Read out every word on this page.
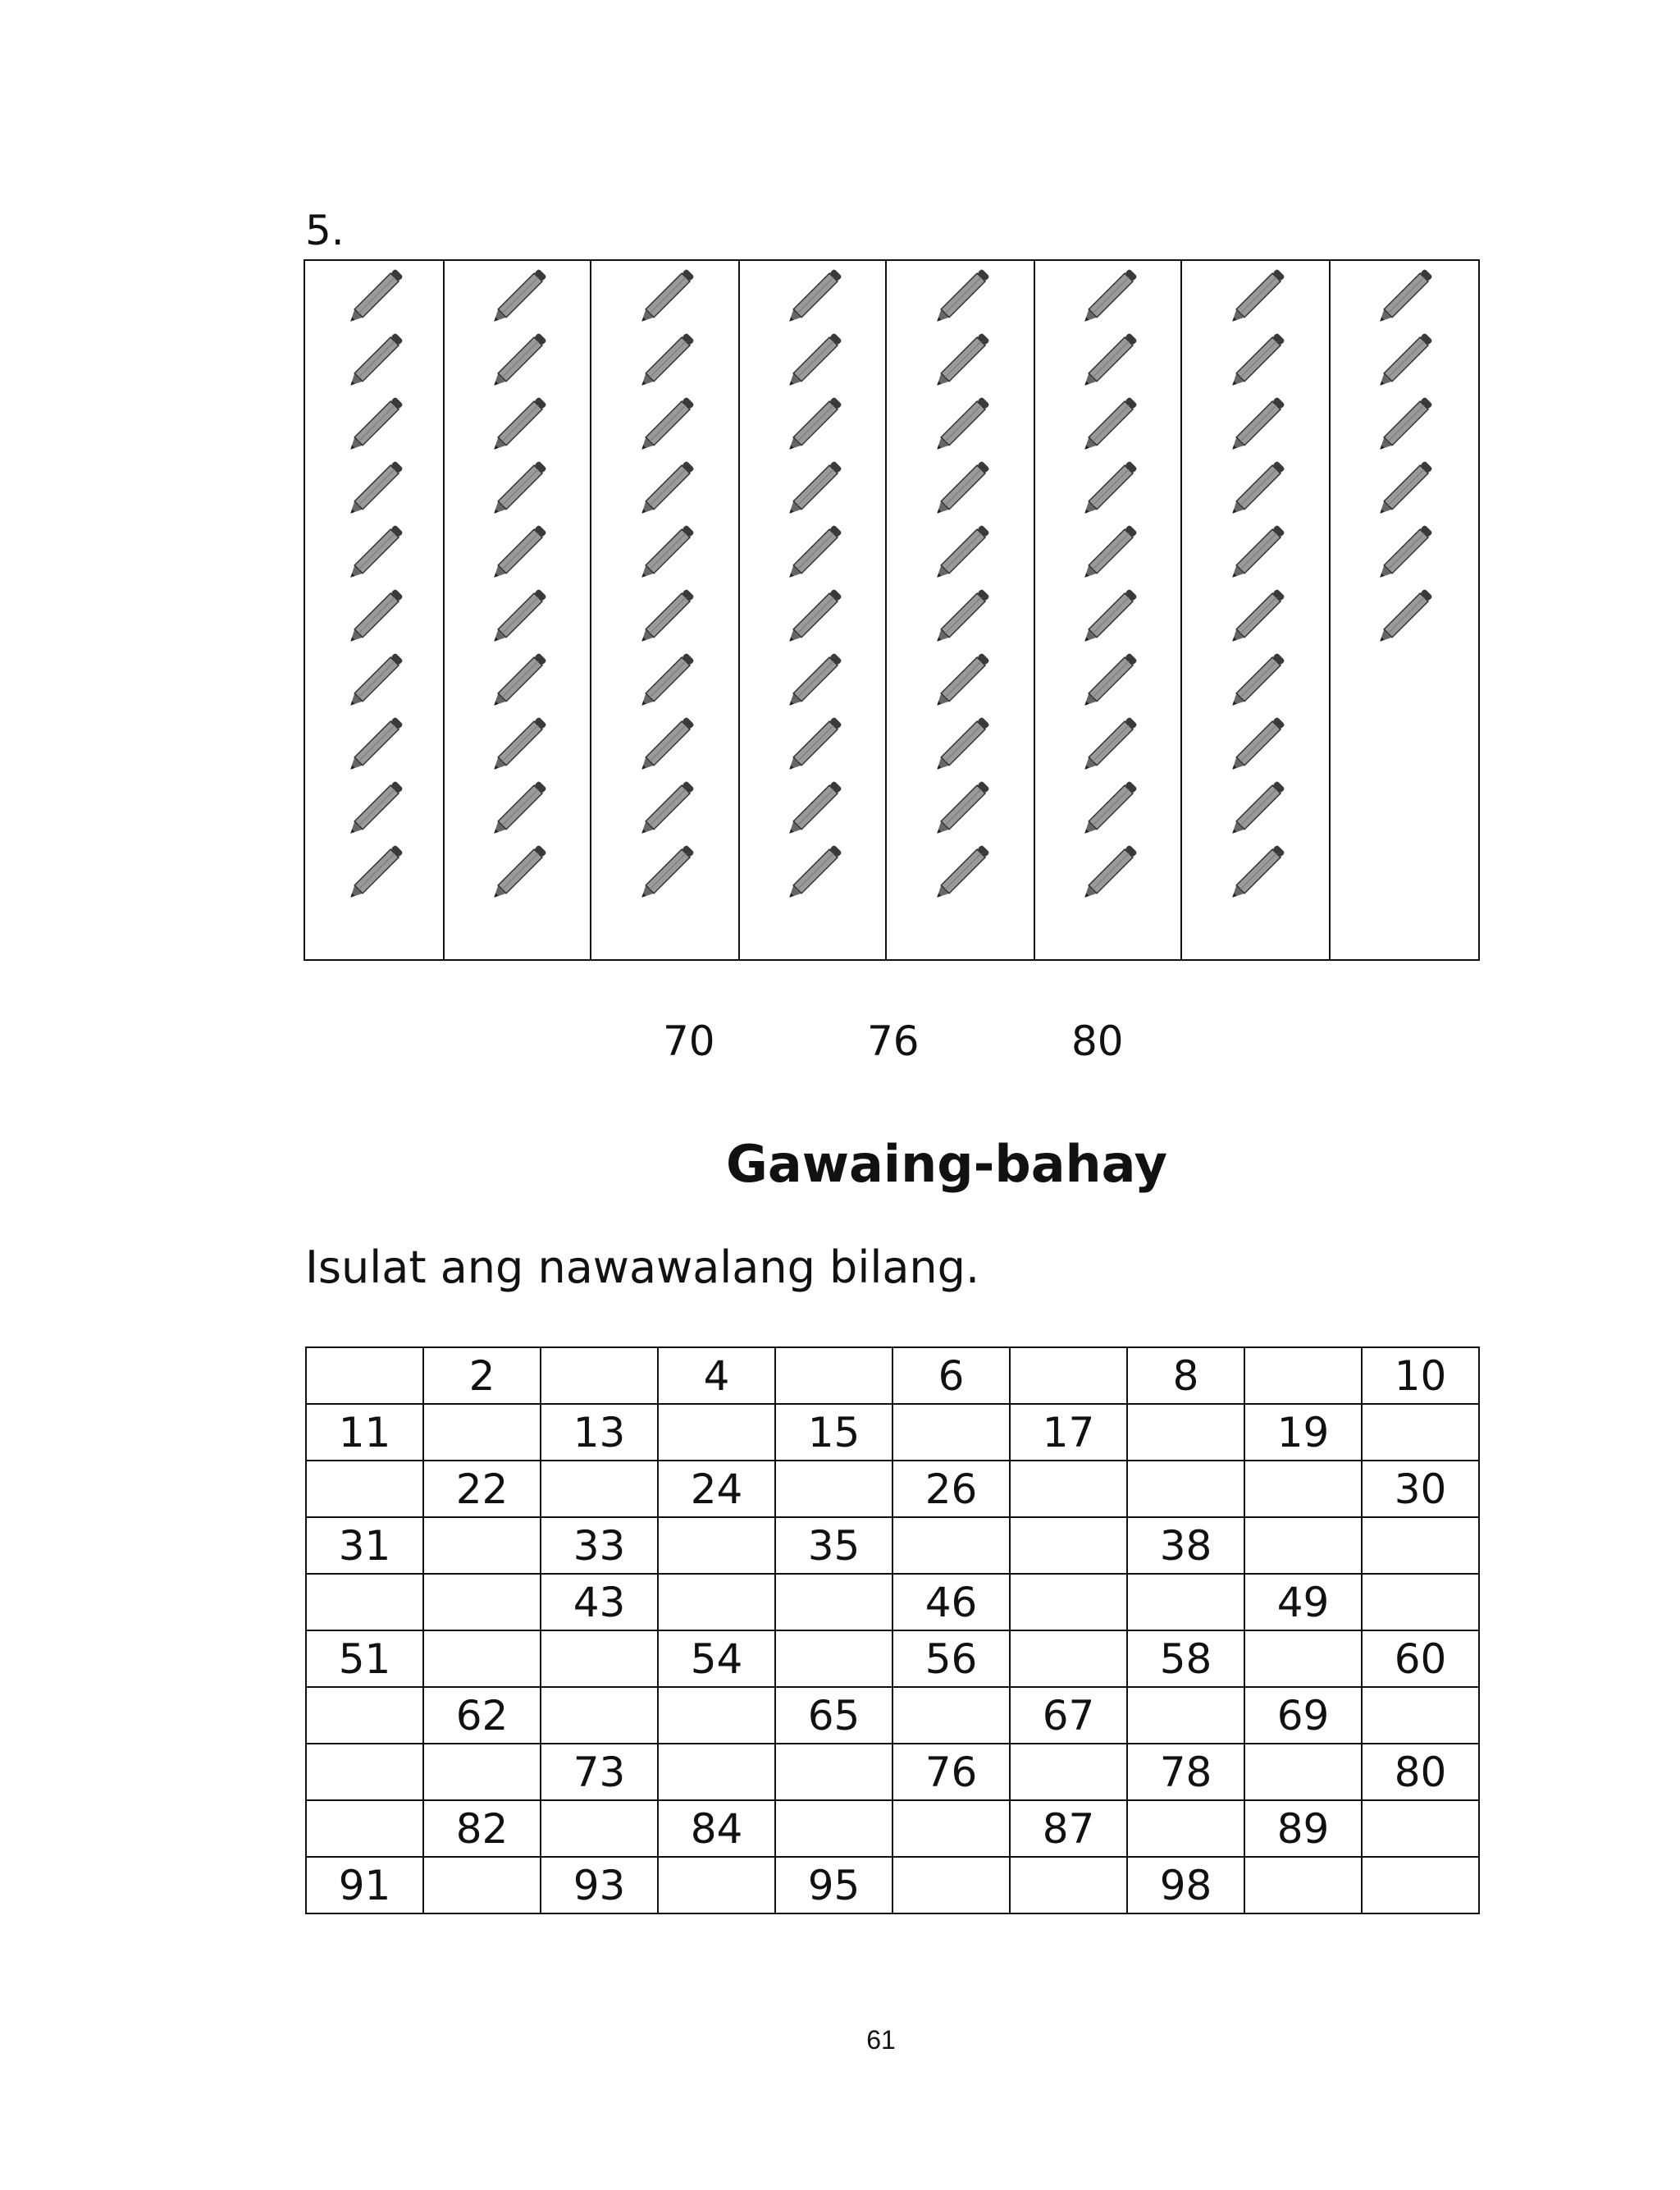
5.
70	76	80
Gawaing-bahay
Isulat ang nawawalang bilang.
	2		4		6		8		10
11		13		15		17		19	
	22		24		26				30
31		33		35			38		
		43			46			49	
51			54		56		58		60
	62			65		67		69	
		73			76		78		80
	82		84			87		89	
91		93		95			98		
61
